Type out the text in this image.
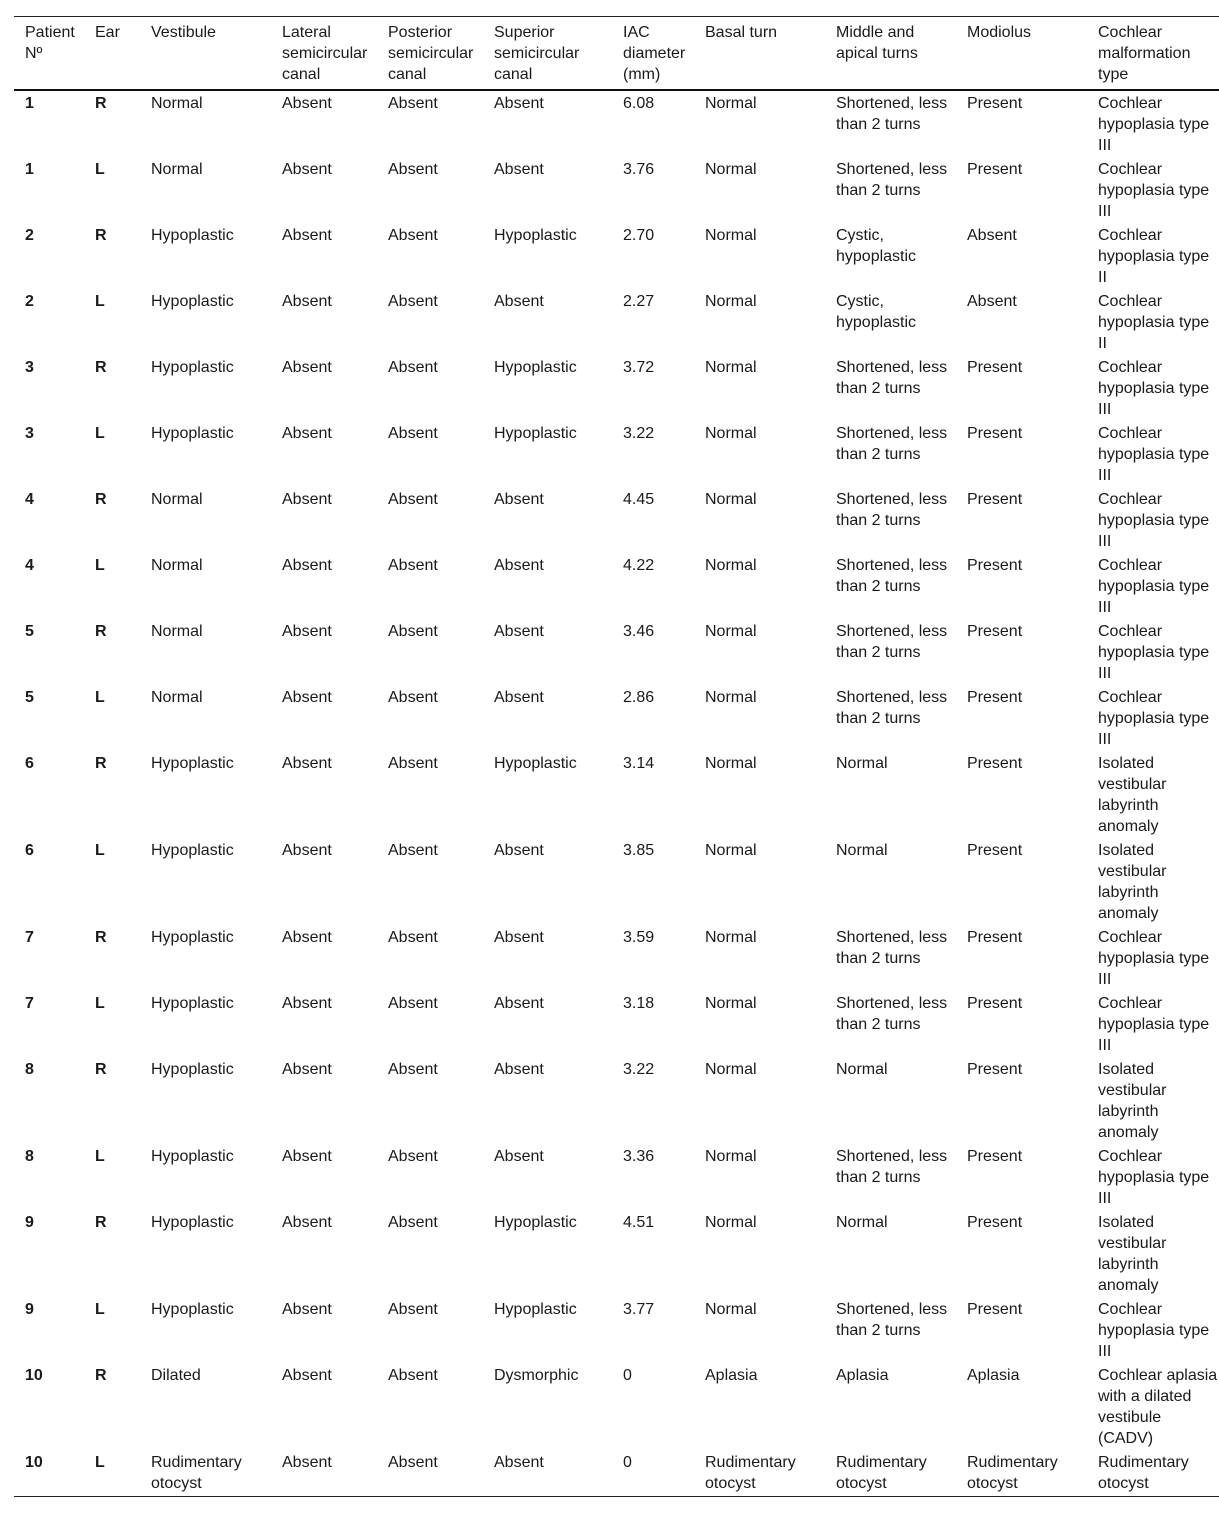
Patient Nº	Ear	Vestibule	Lateral semicircular canal	Posterior semicircular canal	Superior semicircular canal	IAC diameter (mm)	Basal turn	Middle and apical turns	Modiolus	Cochlear malformation type
1	R	Normal	Absent	Absent	Absent	6.08	Normal	Shortened, less than 2 turns	Present	Cochlear hypoplasia type III
1	L	Normal	Absent	Absent	Absent	3.76	Normal	Shortened, less than 2 turns	Present	Cochlear hypoplasia type III
2	R	Hypoplastic	Absent	Absent	Hypoplastic	2.70	Normal	Cystic, hypoplastic	Absent	Cochlear hypoplasia type II
2	L	Hypoplastic	Absent	Absent	Absent	2.27	Normal	Cystic, hypoplastic	Absent	Cochlear hypoplasia type II
3	R	Hypoplastic	Absent	Absent	Hypoplastic	3.72	Normal	Shortened, less than 2 turns	Present	Cochlear hypoplasia type III
3	L	Hypoplastic	Absent	Absent	Hypoplastic	3.22	Normal	Shortened, less than 2 turns	Present	Cochlear hypoplasia type III
4	R	Normal	Absent	Absent	Absent	4.45	Normal	Shortened, less than 2 turns	Present	Cochlear hypoplasia type III
4	L	Normal	Absent	Absent	Absent	4.22	Normal	Shortened, less than 2 turns	Present	Cochlear hypoplasia type III
5	R	Normal	Absent	Absent	Absent	3.46	Normal	Shortened, less than 2 turns	Present	Cochlear hypoplasia type III
5	L	Normal	Absent	Absent	Absent	2.86	Normal	Shortened, less than 2 turns	Present	Cochlear hypoplasia type III
6	R	Hypoplastic	Absent	Absent	Hypoplastic	3.14	Normal	Normal	Present	Isolated vestibular labyrinth anomaly
6	L	Hypoplastic	Absent	Absent	Absent	3.85	Normal	Normal	Present	Isolated vestibular labyrinth anomaly
7	R	Hypoplastic	Absent	Absent	Absent	3.59	Normal	Shortened, less than 2 turns	Present	Cochlear hypoplasia type III
7	L	Hypoplastic	Absent	Absent	Absent	3.18	Normal	Shortened, less than 2 turns	Present	Cochlear hypoplasia type III
8	R	Hypoplastic	Absent	Absent	Absent	3.22	Normal	Normal	Present	Isolated vestibular labyrinth anomaly
8	L	Hypoplastic	Absent	Absent	Absent	3.36	Normal	Shortened, less than 2 turns	Present	Cochlear hypoplasia type III
9	R	Hypoplastic	Absent	Absent	Hypoplastic	4.51	Normal	Normal	Present	Isolated vestibular labyrinth anomaly
9	L	Hypoplastic	Absent	Absent	Hypoplastic	3.77	Normal	Shortened, less than 2 turns	Present	Cochlear hypoplasia type III
10	R	Dilated	Absent	Absent	Dysmorphic	0	Aplasia	Aplasia	Aplasia	Cochlear aplasia with a dilated vestibule (CADV)
10	L	Rudimentary otocyst	Absent	Absent	Absent	0	Rudimentary otocyst	Rudimentary otocyst	Rudimentary otocyst	Rudimentary otocyst
